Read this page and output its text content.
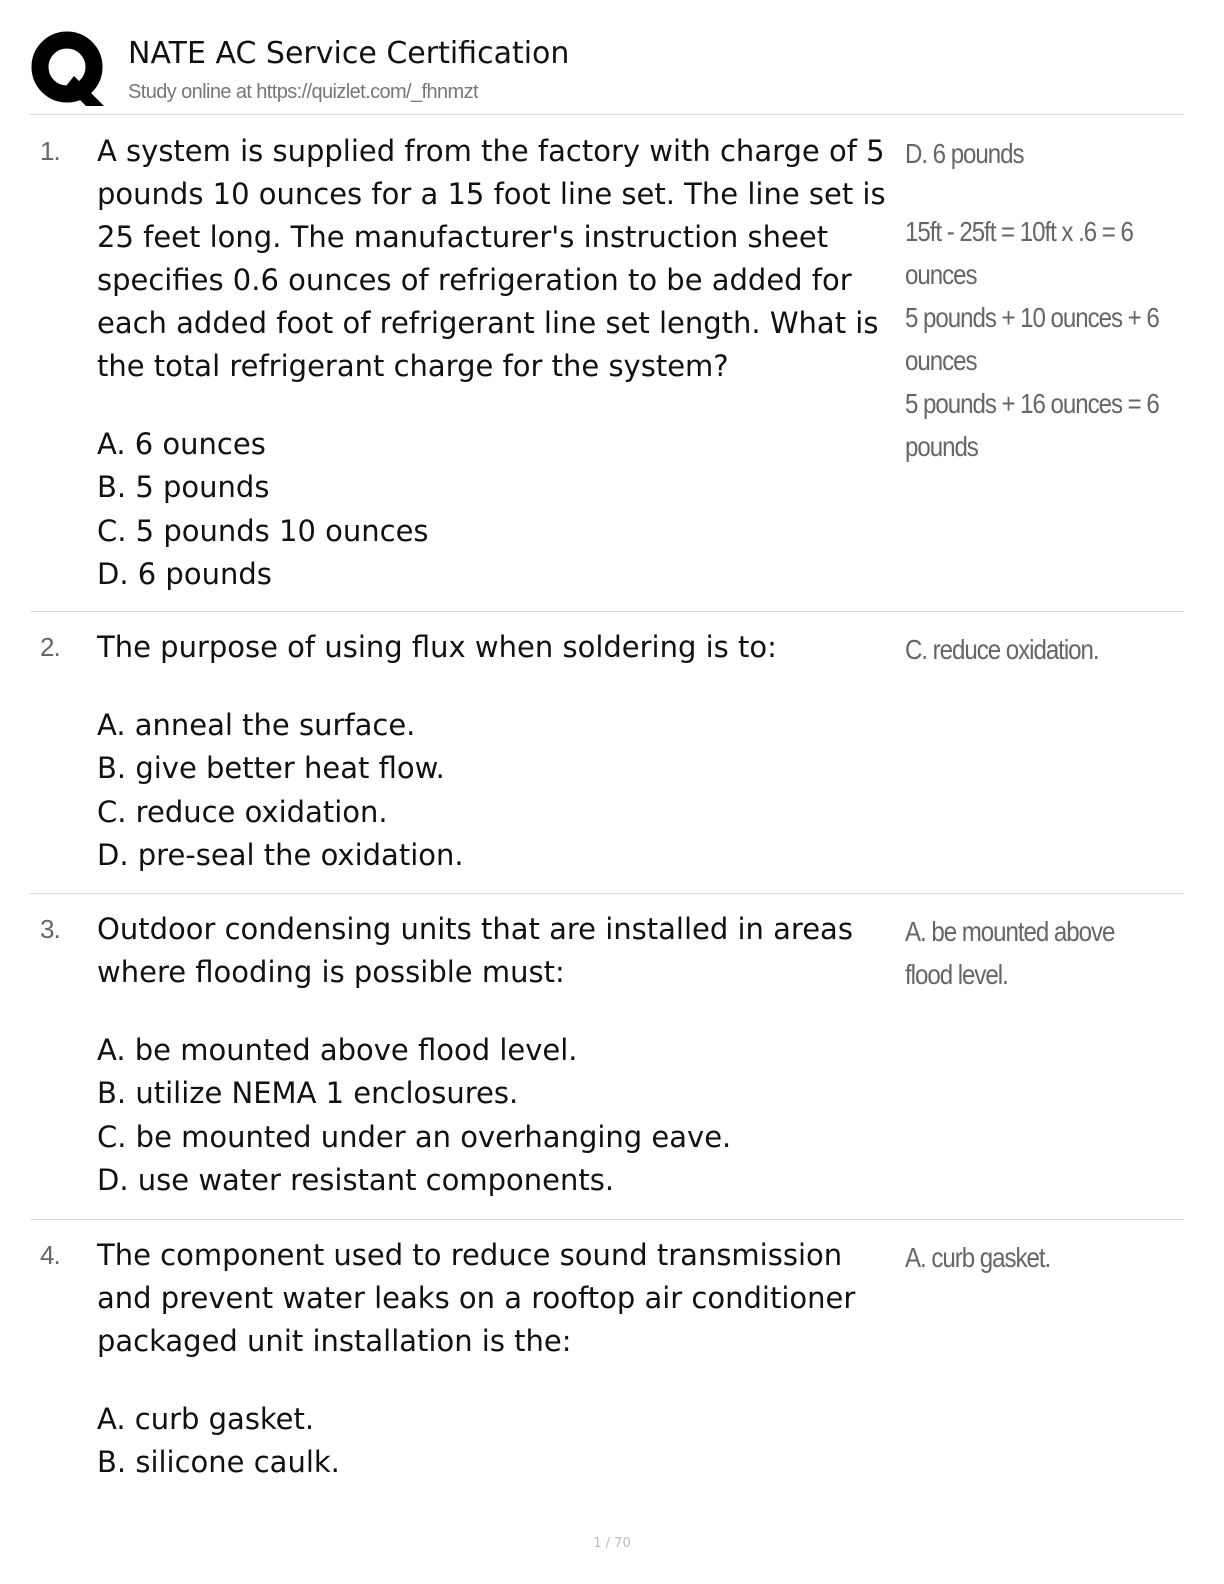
NATE AC Service Certification
Study online at https://quizlet.com/_fhnmzt
1. A system is supplied from the factory with charge of 5 pounds 10 ounces for a 15 foot line set. The line set is 25 feet long. The manufacturer's instruction sheet specifies 0.6 ounces of refrigeration to be added for each added foot of refrigerant line set length. What is the total refrigerant charge for the system?

A. 6 ounces
B. 5 pounds
C. 5 pounds 10 ounces
D. 6 pounds
D. 6 pounds
15ft - 25ft = 10ft x .6 = 6
ounces
5 pounds + 10 ounces + 6
ounces
5 pounds + 16 ounces = 6
pounds
2. The purpose of using flux when soldering is to:

A. anneal the surface.
B. give better heat flow.
C. reduce oxidation.
D. pre-seal the oxidation.
C. reduce oxidation.
3. Outdoor condensing units that are installed in areas where flooding is possible must:

A. be mounted above flood level.
B. utilize NEMA 1 enclosures.
C. be mounted under an overhanging eave.
D. use water resistant components.
A. be mounted above flood level.
4. The component used to reduce sound transmission and prevent water leaks on a rooftop air conditioner packaged unit installation is the:

A. curb gasket.
B. silicone caulk.
A. curb gasket.
1 / 70
